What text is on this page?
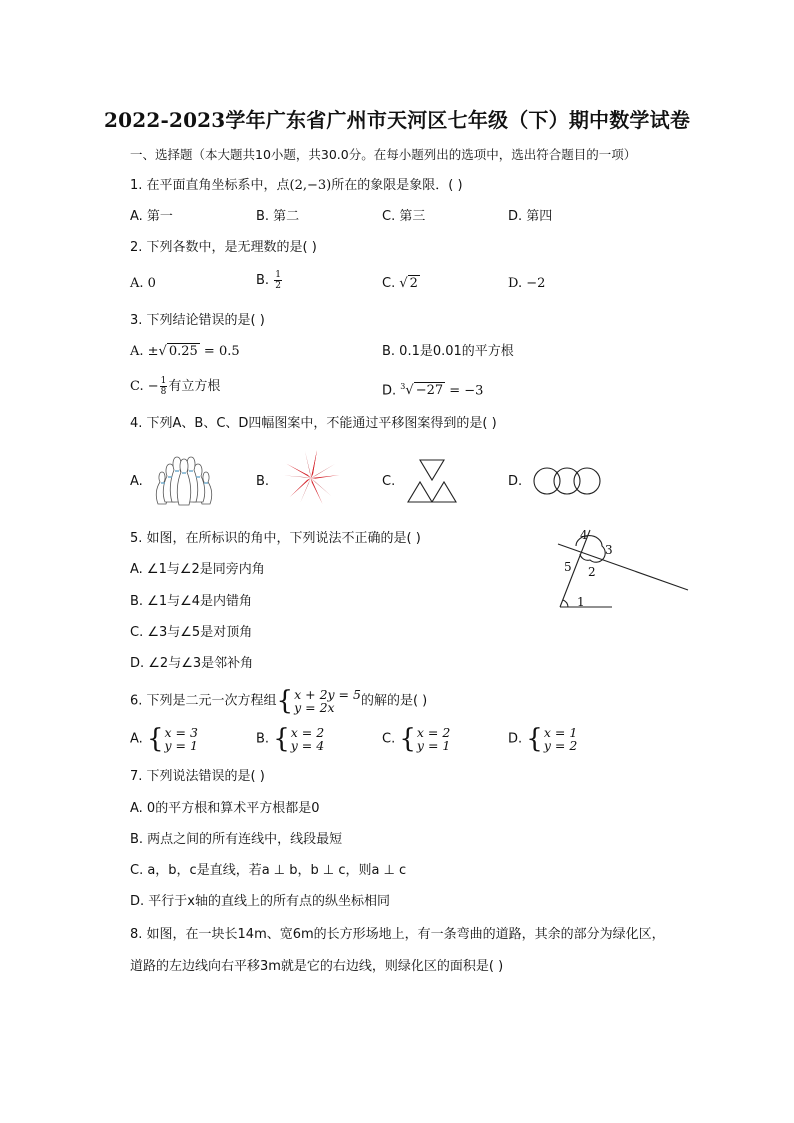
2022-2023学年广东省广州市天河区七年级（下）期中数学试卷
一、选择题（本大题共10小题，共30.0分。在每小题列出的选项中，选出符合题目的一项）
1. 在平面直角坐标系中，点(2,−3)所在的象限是象限．( )
A. 第一	B. 第二	C. 第三	D. 第四
2. 下列各数中，是无理数的是( )
A. 0	B. $\frac{1}{2}$	C. √ 2	D. −2
3. 下列结论错误的是( )
A. ±√ 0.25 = 0.5	B. 0.1是0.01的平方根
C. − $\frac{1}{8}$ 有立方根	D. $^3$√ −27 = −3
4. 下列A、B、C、D四幅图案中，不能通过平移图案得到的是( )
A.	B.	C.	D.
5. 如图，在所标识的角中，下列说法不正确的是( )
A. ∠1与∠2是同旁内角
B. ∠1与∠4是内错角
C. ∠3与∠5是对顶角
D. ∠2与∠3是邻补角
1
2
3
4
5
6. 下列是二元一次方程组 { x + 2y = 5
y = 2x	的解的是( )
A. { x = 3
y = 1	B. { x = 2
y = 4	C. { x = 2
y = 1	D. { x = 1
y = 2
7. 下列说法错误的是( )
A. 0的平方根和算术平方根都是0
B. 两点之间的所有连线中，线段最短
C. a，b，c是直线，若a ⊥ b，b ⊥ c，则a ⊥ c
D. 平行于x轴的直线上的所有点的纵坐标相同
8. 如图，在一块长14m、宽6m的长方形场地上，有一条弯曲的道路，其余的部分为绿化区，
道路的左边线向右平移3m就是它的右边线，则绿化区的面积是( )
